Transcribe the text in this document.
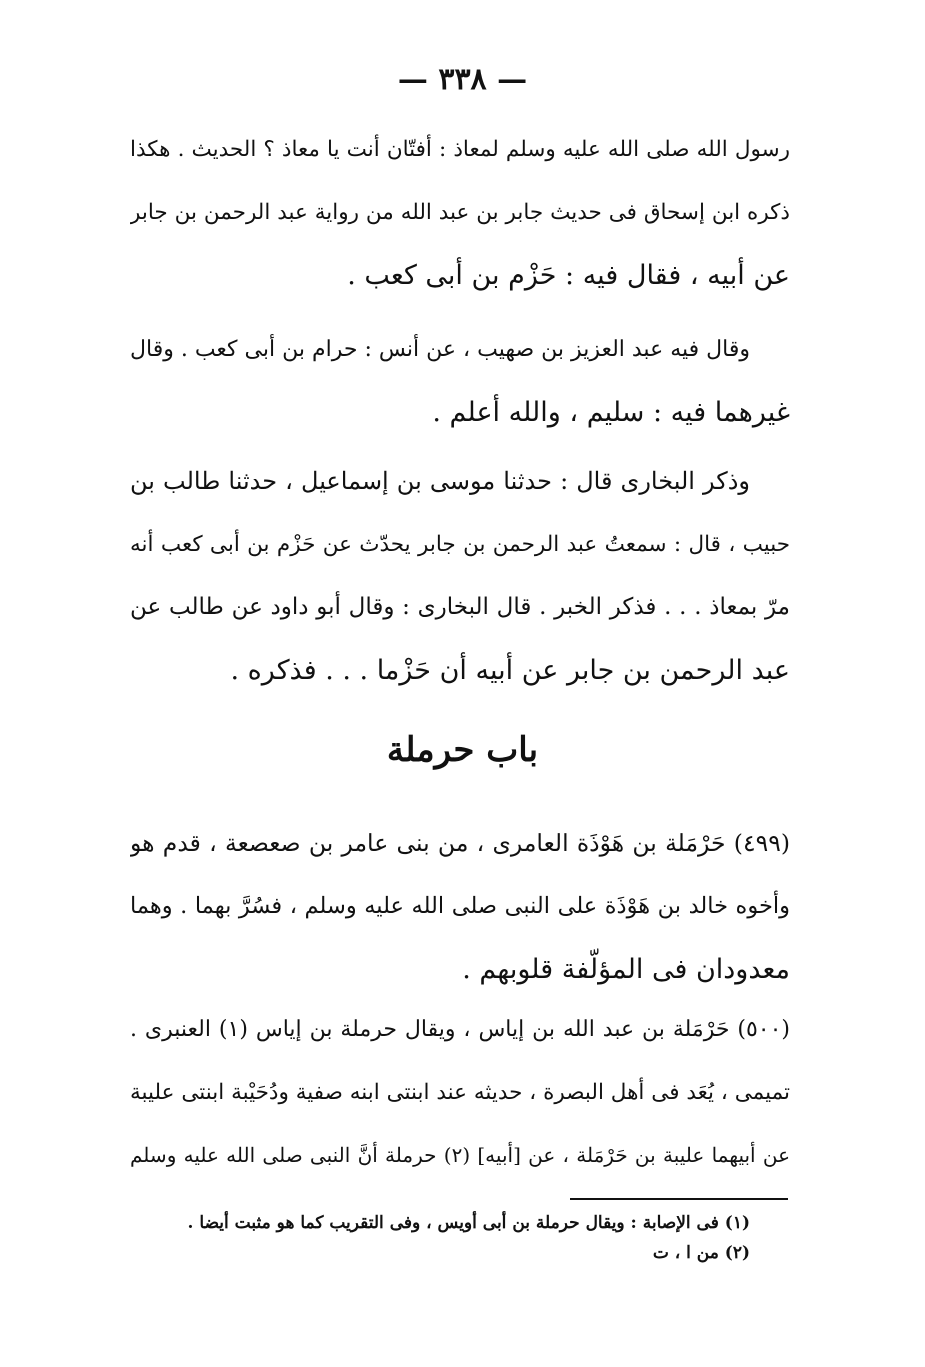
— ٣٣٨ —
رسول الله صلى الله عليه وسلم لمعاذ : أفتّان أنت يا معاذ ؟ الحديث . هكذا
ذكره ابن إسحاق فى حديث جابر بن عبد الله من رواية عبد الرحمن بن جابر
عن أبيه ، فقال فيه : حَزْم بن أبى كعب .
وقال فيه عبد العزيز بن صهيب ، عن أنس : حرام بن أبى كعب . وقال
غيرهما فيه : سليم ، والله أعلم .
وذكر البخارى قال : حدثنا موسى بن إسماعيل ، حدثنا طالب بن
حبيب ، قال : سمعتُ عبد الرحمن بن جابر يحدّث عن حَزْم بن أبى كعب أنه
مرّ بمعاذ . . . فذكر الخبر . قال البخارى : وقال أبو داود عن طالب عن
عبد الرحمن بن جابر عن أبيه أن حَزْما . . . فذكره .
باب حرملة
(٤٩٩) حَرْمَلة بن هَوْذَة العامرى ، من بنى عامر بن صعصعة ، قدم هو
وأخوه خالد بن هَوْذَة على النبى صلى الله عليه وسلم ، فسُرَّ بهما . وهما
معدودان فى المؤلّفة قلوبهم .
(٥٠٠) حَرْمَلة بن عبد الله بن إياس ، ويقال حرملة بن إياس (١) العنبرى .
تميمى ، يُعَد فى أهل البصرة ، حديثه عند ابنتى ابنه صفية ودُحَيْبة ابنتى عليبة
عن أبيهما عليبة بن حَرْمَلة ، عن [أبيه] (٢) حرملة أنَّ النبى صلى الله عليه وسلم
(١) فى الإصابة : ويقال حرملة بن أبى أويس ، وفى التقريب كما هو مثبت أيضا .
(٢) من ا ، ت
